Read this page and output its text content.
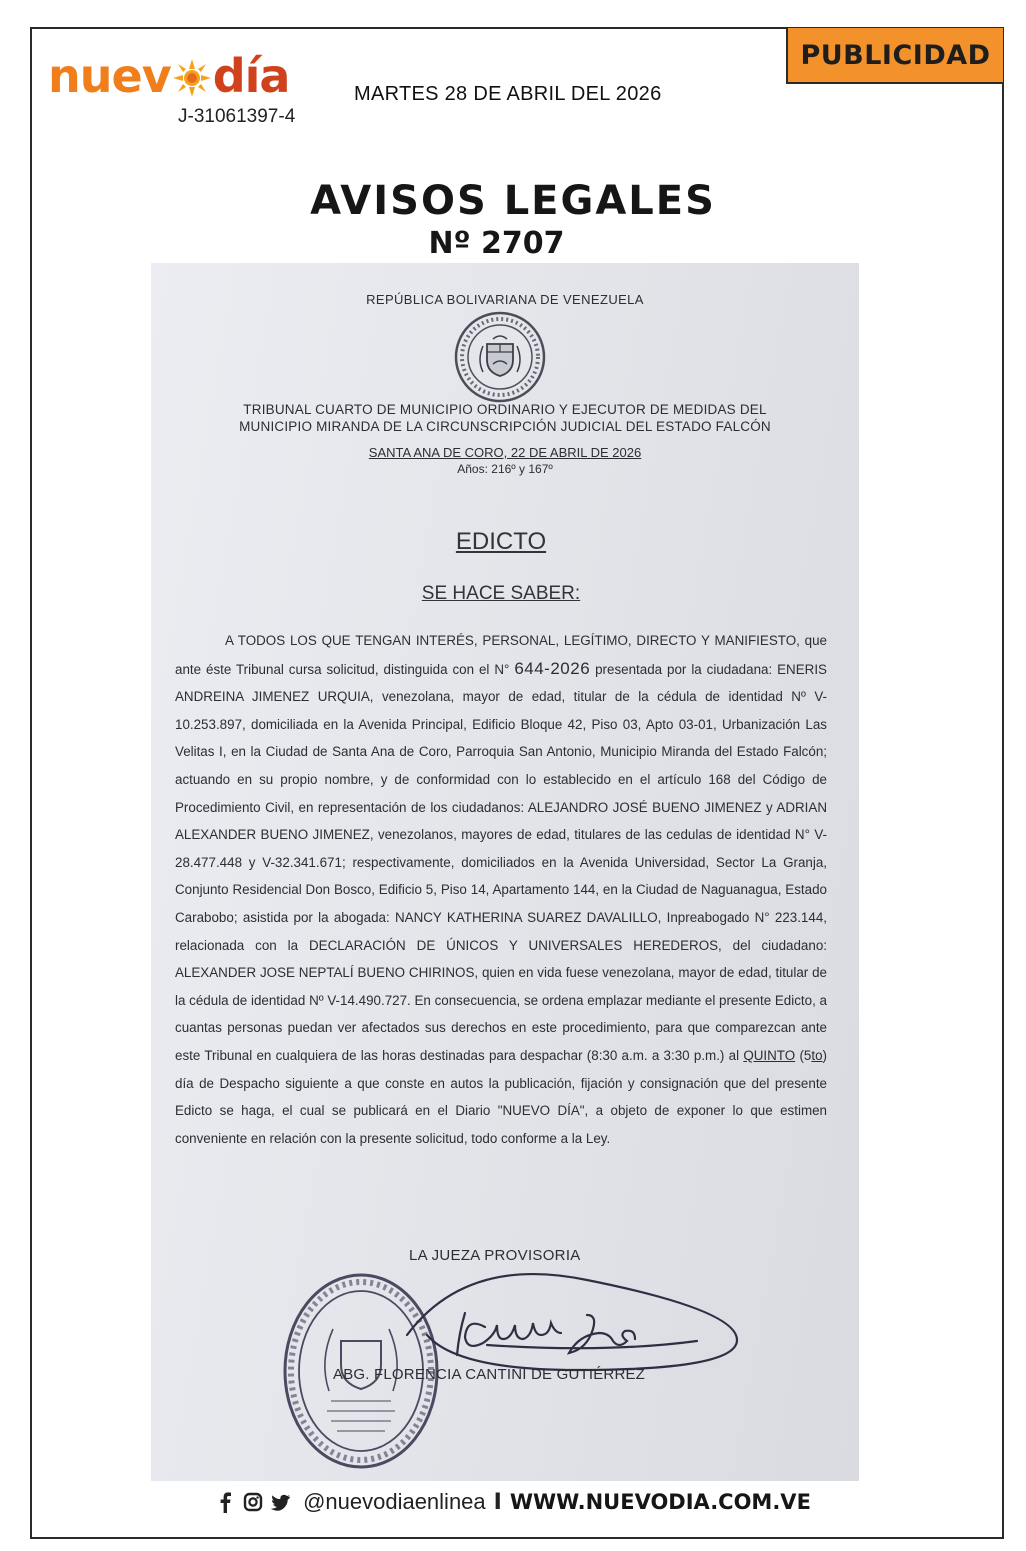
nuev día
J-31061397-4
MARTES 28 DE ABRIL DEL 2026
PUBLICIDAD
AVISOS LEGALES
Nº 2707
REPÚBLICA BOLIVARIANA DE VENEZUELA
TRIBUNAL CUARTO DE MUNICIPIO ORDINARIO Y EJECUTOR DE MEDIDAS DEL
MUNICIPIO MIRANDA DE LA CIRCUNSCRIPCIÓN JUDICIAL DEL ESTADO FALCÓN
SANTA ANA DE CORO, 22 DE ABRIL DE 2026
Años: 216º y 167º
EDICTO
SE HACE SABER:
A TODOS LOS QUE TENGAN INTERÉS, PERSONAL, LEGÍTIMO, DIRECTO Y MANIFIESTO, que ante éste Tribunal cursa solicitud, distinguida con el N° 644-2026 presentada por la ciudadana: ENERIS ANDREINA JIMENEZ URQUIA, venezolana, mayor de edad, titular de la cédula de identidad Nº V-10.253.897, domiciliada en la Avenida Principal, Edificio Bloque 42, Piso 03, Apto 03-01, Urbanización Las Velitas I, en la Ciudad de Santa Ana de Coro, Parroquia San Antonio, Municipio Miranda del Estado Falcón; actuando en su propio nombre, y de conformidad con lo establecido en el artículo 168 del Código de Procedimiento Civil, en representación de los ciudadanos: ALEJANDRO JOSÉ BUENO JIMENEZ y ADRIAN ALEXANDER BUENO JIMENEZ, venezolanos, mayores de edad, titulares de las cedulas de identidad N° V-28.477.448 y V-32.341.671; respectivamente, domiciliados en la Avenida Universidad, Sector La Granja, Conjunto Residencial Don Bosco, Edificio 5, Piso 14, Apartamento 144, en la Ciudad de Naguanagua, Estado Carabobo; asistida por la abogada: NANCY KATHERINA SUAREZ DAVALILLO, Inpreabogado N° 223.144, relacionada con la DECLARACIÓN DE ÚNICOS Y UNIVERSALES HEREDEROS, del ciudadano: ALEXANDER JOSE NEPTALÍ BUENO CHIRINOS, quien en vida fuese venezolana, mayor de edad, titular de la cédula de identidad Nº V-14.490.727. En consecuencia, se ordena emplazar mediante el presente Edicto, a cuantas personas puedan ver afectados sus derechos en este procedimiento, para que comparezcan ante este Tribunal en cualquiera de las horas destinadas para despachar (8:30 a.m. a 3:30 p.m.) al QUINTO (5to) día de Despacho siguiente a que conste en autos la publicación, fijación y consignación que del presente Edicto se haga, el cual se publicará en el Diario "NUEVO DÍA", a objeto de exponer lo que estimen conveniente en relación con la presente solicitud, todo conforme a la Ley.
LA JUEZA PROVISORIA
ABG. FLORENCIA CANTINI DE GUTIÉRREZ
@nuevodiaenlinea I WWW.NUEVODIA.COM.VE
